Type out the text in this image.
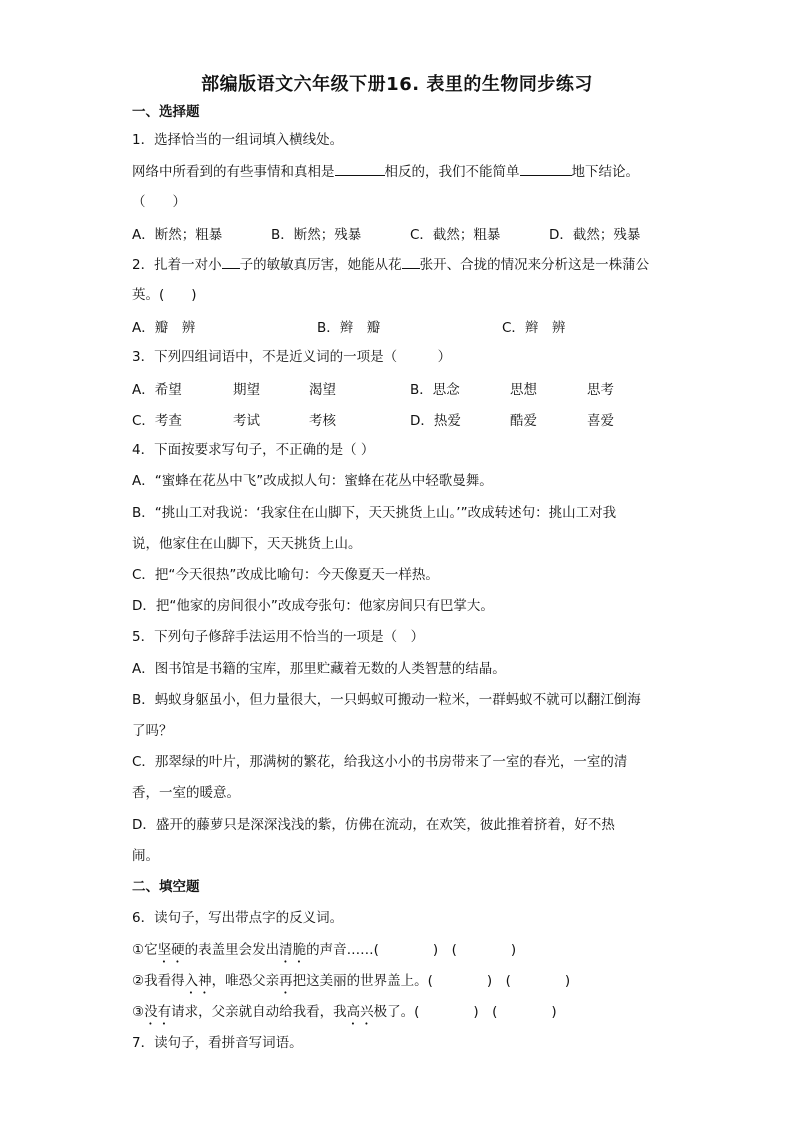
部编版语文六年级下册16. 表里的生物同步练习
一、选择题
1．选择恰当的一组词填入横线处。
网络中所看到的有些事情和真相是	相反的，我们不能简单	地下结论。
（　　）
A．断然；粗暴	B．断然；残暴	C．截然；粗暴	D．截然；残暴
2．扎着一对小 子的敏敏真厉害，她能从花 张开、合拢的情况来分析这是一株蒲公
英。(　　)
A．瓣　辨	B．辫　瓣	C．辫　辨
3．下列四组词语中，不是近义词的一项是（　　　）
A．希望	期望	渴望	B．思念	思想	思考
C．考查	考试	考核	D．热爱	酷爱	喜爱
4．下面按要求写句子，不正确的是（ ）
A．“蜜蜂在花丛中飞”改成拟人句：蜜蜂在花丛中轻歌曼舞。
B．“挑山工对我说：‘我家住在山脚下，天天挑货上山。’”改成转述句：挑山工对我
说，他家住在山脚下，天天挑货上山。
C．把“今天很热”改成比喻句：今天像夏天一样热。
D．把“他家的房间很小”改成夸张句：他家房间只有巴掌大。
5．下列句子修辞手法运用不恰当的一项是（　）
A．图书馆是书籍的宝库，那里贮藏着无数的人类智慧的结晶。
B．蚂蚁身躯虽小，但力量很大，一只蚂蚁可搬动一粒米，一群蚂蚁不就可以翻江倒海
了吗？
C．那翠绿的叶片，那满树的繁花，给我这小小的书房带来了一室的春光，一室的清
香，一室的暖意。
D．盛开的藤萝只是深深浅浅的紫，仿佛在流动，在欢笑，彼此推着挤着，好不热
闹。
二、填空题
6．读句子，写出带点字的反义词。
①它坚硬的表盖里会发出清脆的声音……(　　　　)　(　　　　)
②我看得入神，唯恐父亲再把这美丽的世界盖上。(　　　　)　(　　　　)
③没有请求，父亲就自动给我看，我高兴极了。(　　　　)　(　　　　)
7．读句子，看拼音写词语。
